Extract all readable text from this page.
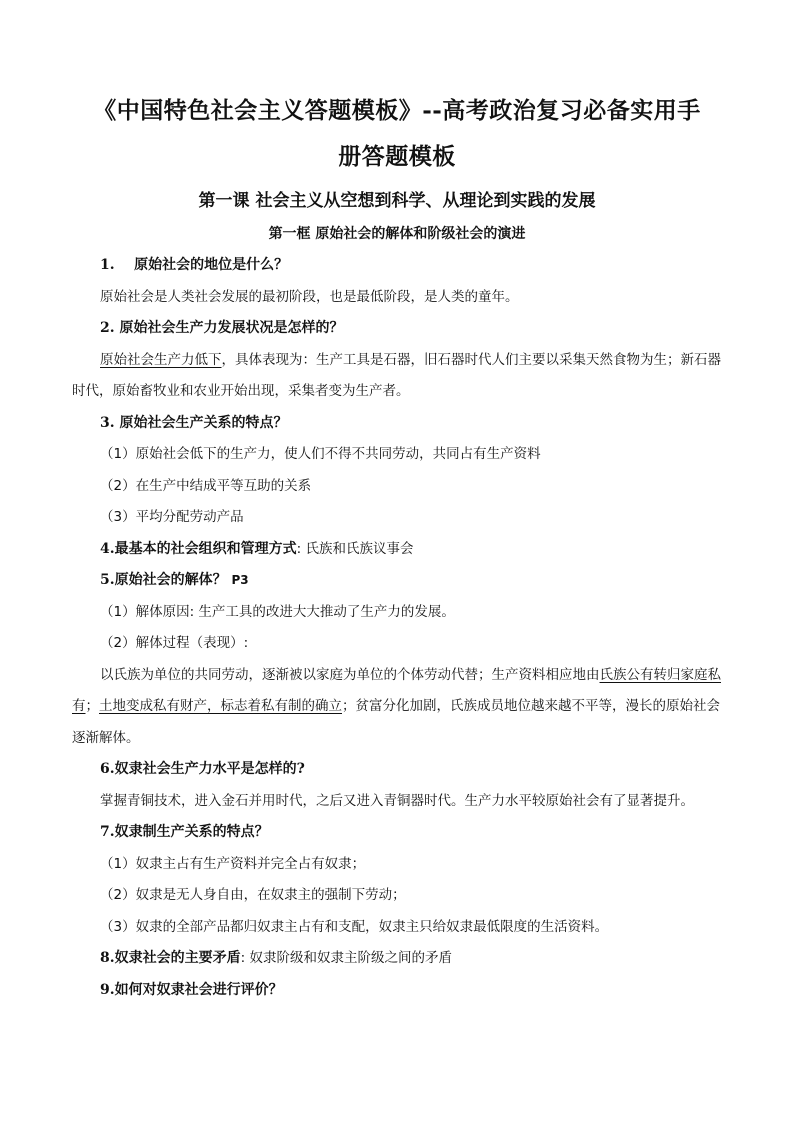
《中国特色社会主义答题模板》--高考政治复习必备实用手
册答题模板
第一课 社会主义从空想到科学、从理论到实践的发展
第一框 原始社会的解体和阶级社会的演进

1. 原始社会的地位是什么？

原始社会是人类社会发展的最初阶段，也是最低阶段，是人类的童年。

2. 原始社会生产力发展状况是怎样的？

原始社会生产力低下，具体表现为：生产工具是石器，旧石器时代人们主要以采集天然食物为生；新石器时代，原始畜牧业和农业开始出现，采集者变为生产者。

3. 原始社会生产关系的特点？

（1）原始社会低下的生产力，使人们不得不共同劳动，共同占有生产资料

（2）在生产中结成平等互助的关系

（3）平均分配劳动产品

4.最基本的社会组织和管理方式: 氏族和氏族议事会

5.原始社会的解体？ P3

（1）解体原因: 生产工具的改进大大推动了生产力的发展。

（2）解体过程（表现）:

以氏族为单位的共同劳动，逐渐被以家庭为单位的个体劳动代替；生产资料相应地由氏族公有转归家庭私有；土地变成私有财产，标志着私有制的确立；贫富分化加剧，氏族成员地位越来越不平等，漫长的原始社会逐渐解体。

6.奴隶社会生产力水平是怎样的?

掌握青铜技术，进入金石并用时代，之后又进入青铜器时代。生产力水平较原始社会有了显著提升。

7.奴隶制生产关系的特点？

（1）奴隶主占有生产资料并完全占有奴隶；

（2）奴隶是无人身自由，在奴隶主的强制下劳动；

（3）奴隶的全部产品都归奴隶主占有和支配，奴隶主只给奴隶最低限度的生活资料。

8.奴隶社会的主要矛盾: 奴隶阶级和奴隶主阶级之间的矛盾

9.如何对奴隶社会进行评价？
